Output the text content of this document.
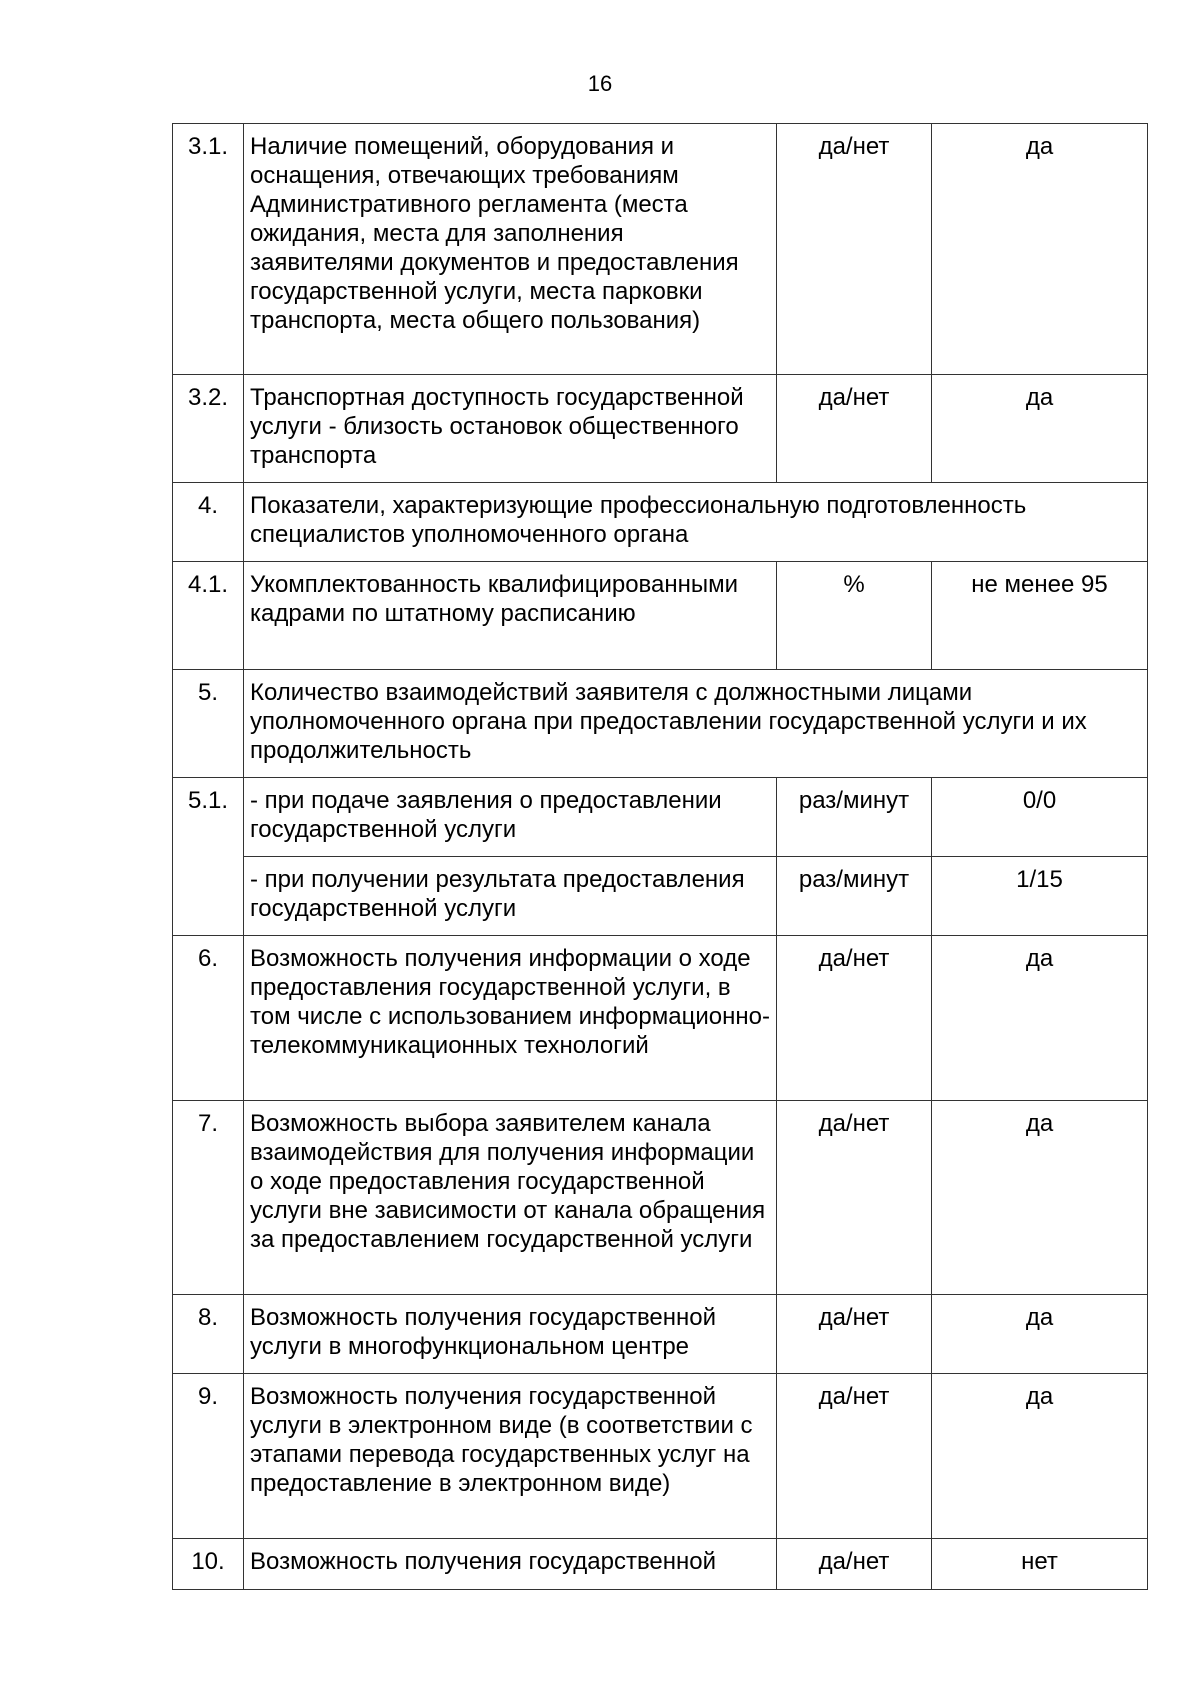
16
3.1.	Наличие помещений, оборудования и оснащения, отвечающих требованиям Административного регламента (места ожидания, места для заполнения заявителями документов и предоставления государственной услуги, места парковки транспорта, места общего пользования)	да/нет	да
3.2.	Транспортная доступность государственной услуги - близость остановок общественного транспорта	да/нет	да
4.	Показатели, характеризующие профессиональную подготовленность специалистов уполномоченного органа		
4.1.	Укомплектованность квалифицированными кадрами по штатному расписанию	%	не менее 95
5.	Количество взаимодействий заявителя с должностными лицами уполномоченного органа при предоставлении государственной услуги и их продолжительность		
5.1.	- при подаче заявления о предоставлении государственной услуги	раз/минут	0/0
	- при получении результата предоставления государственной услуги	раз/минут	1/15
6.	Возможность получения информации о ходе предоставления государственной услуги, в том числе с использованием информационно-телекоммуникационных технологий	да/нет	да
7.	Возможность выбора заявителем канала взаимодействия для получения информации о ходе предоставления государственной услуги вне зависимости от канала обращения за предоставлением государственной услуги	да/нет	да
8.	Возможность получения государственной услуги в многофункциональном центре	да/нет	да
9.	Возможность получения государственной услуги в электронном виде (в соответствии с этапами перевода государственных услуг на предоставление в электронном виде)	да/нет	да
10.	Возможность получения государственной	да/нет	нет
